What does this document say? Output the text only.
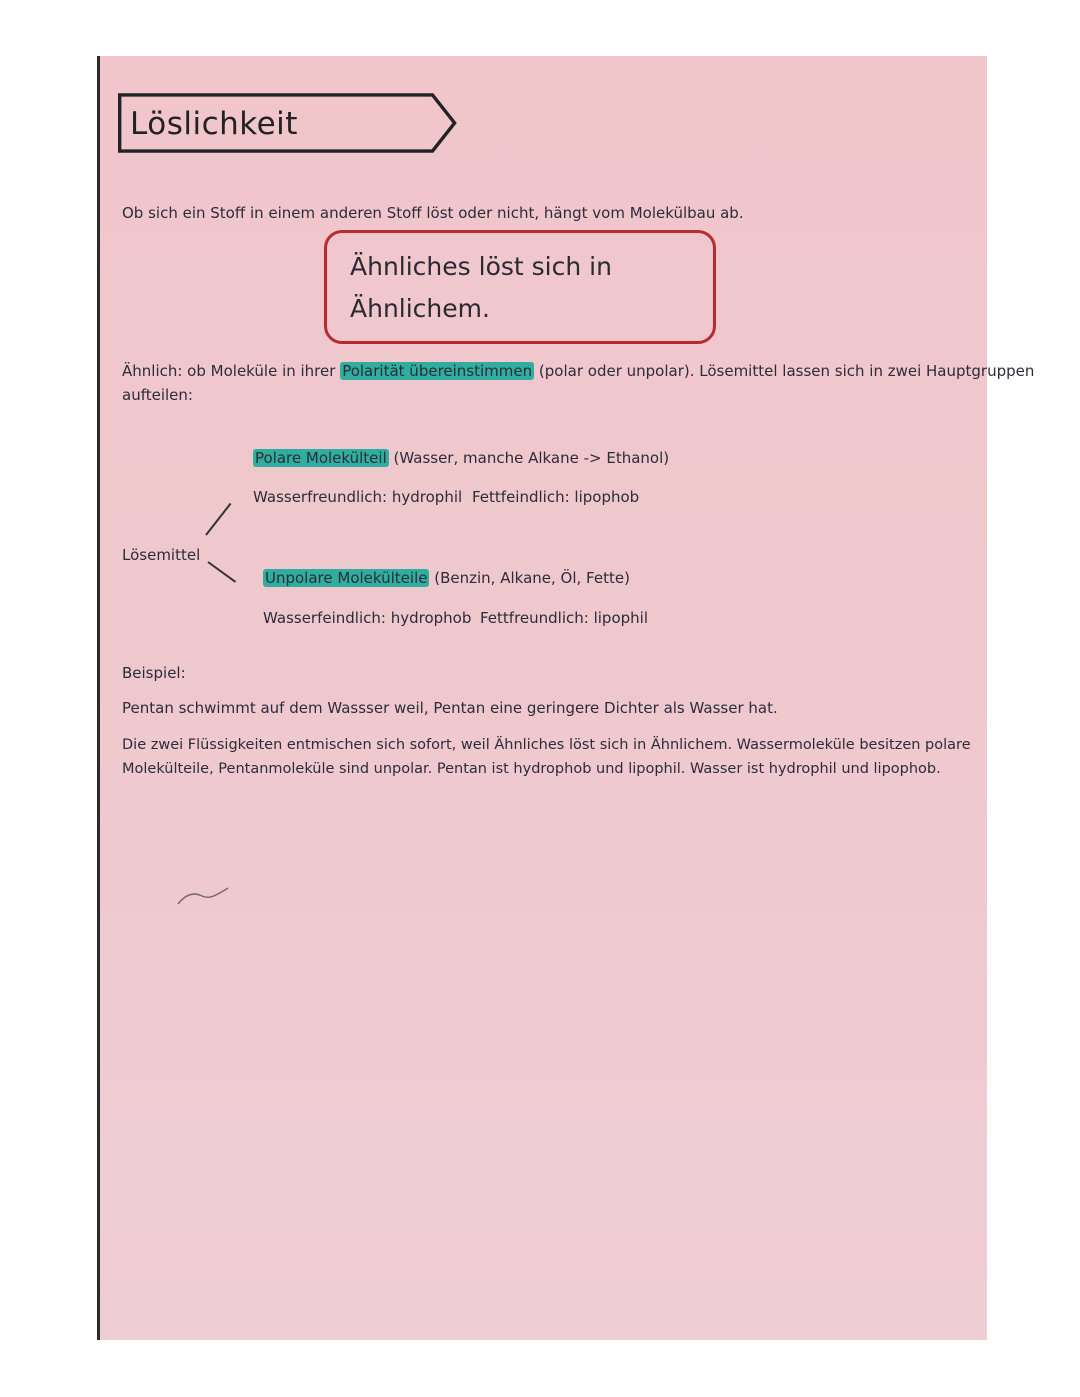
Löslichkeit
Ob sich ein Stoff in einem anderen Stoff löst oder nicht, hängt vom Molekülbau ab.
Ähnliches löst sich in
Ähnlichem.
Ähnlich: ob Moleküle in ihrer Polarität übereinstimmen (polar oder unpolar). Lösemittel lassen sich in zwei Hauptgruppen
aufteilen:
Polare Molekülteil (Wasser, manche Alkane -> Ethanol)
Wasserfreundlich: hydrophil Fettfeindlich: lipophob
Lösemittel
Unpolare Molekülteile (Benzin, Alkane, Öl, Fette)
Wasserfeindlich: hydrophob Fettfreundlich: lipophil
Beispiel:
Pentan schwimmt auf dem Wassser weil, Pentan eine geringere Dichter als Wasser hat.
Die zwei Flüssigkeiten entmischen sich sofort, weil Ähnliches löst sich in Ähnlichem. Wassermoleküle besitzen polare
Molekülteile, Pentanmoleküle sind unpolar. Pentan ist hydrophob und lipophil. Wasser ist hydrophil und lipophob.
